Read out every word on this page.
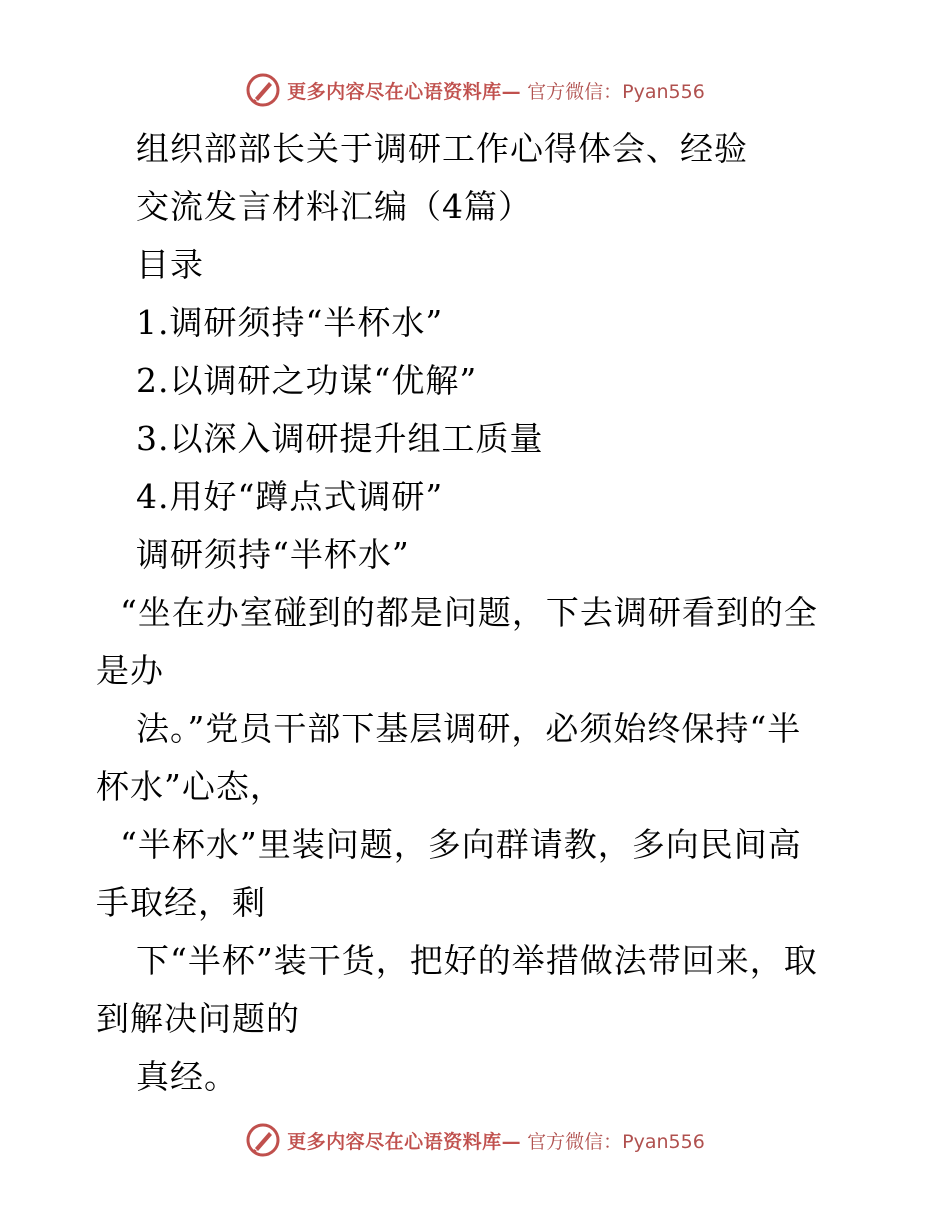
更多内容尽在心语资料库— 官方微信：Pyan556
组织部部长关于调研工作心得体会、经验
交流发言材料汇编（4篇）
目录
1.调研须持“半杯水”
2.以调研之功谋“优解”
3.以深入调研提升组工质量
4.用好“蹲点式调研”
调研须持“半杯水”
“坐在办室碰到的都是问题，下去调研看到的全
是办
法。”党员干部下基层调研，必须始终保持“半
杯水”心态，
“半杯水”里装问题，多向群请教，多向民间高
手取经，剩
下“半杯”装干货，把好的举措做法带回来，取
到解决问题的
真经。
更多内容尽在心语资料库— 官方微信：Pyan556
